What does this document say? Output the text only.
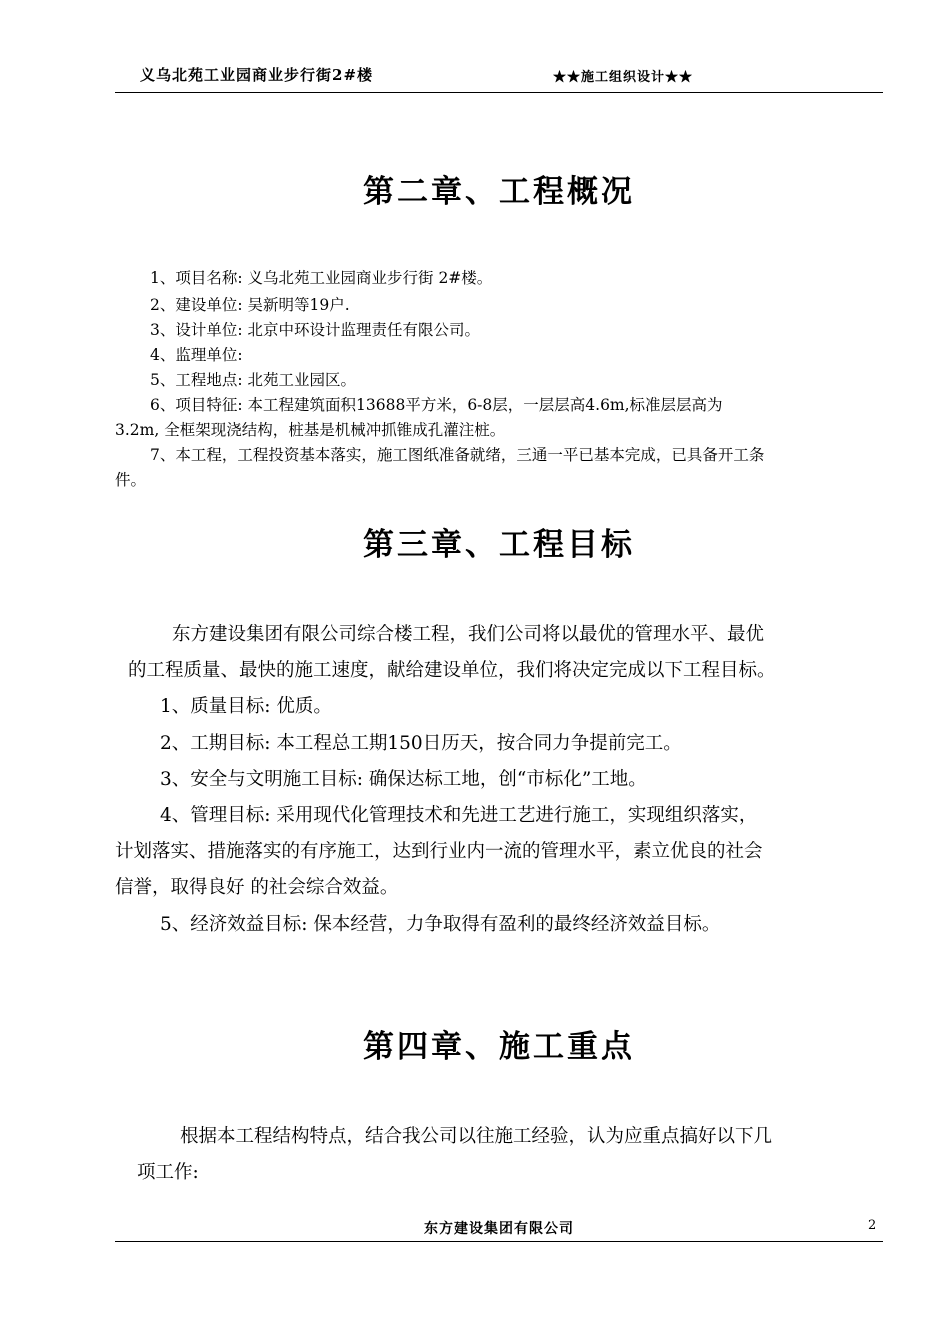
义乌北苑工业园商业步行街2#楼	★★施工组织设计★★
第二章、工程概况
1、项目名称: 义乌北苑工业园商业步行街 2#楼。
2、建设单位: 吴新明等19户.
3、设计单位: 北京中环设计监理责任有限公司。
4、监理单位:
5、工程地点: 北苑工业园区。
6、项目特征: 本工程建筑面积13688平方米，6-8层，一层层高4.6m,标准层层高为
3.2m, 全框架现浇结构，桩基是机械冲抓锥成孔灌注桩。
7、本工程，工程投资基本落实，施工图纸准备就绪，三通一平已基本完成，已具备开工条
件。
第三章、工程目标
东方建设集团有限公司综合楼工程，我们公司将以最优的管理水平、最优
的工程质量、最快的施工速度，献给建设单位，我们将决定完成以下工程目标。
1、质量目标: 优质。
2、工期目标: 本工程总工期150日历天，按合同力争提前完工。
3、安全与文明施工目标: 确保达标工地，创“市标化”工地。
4、管理目标: 采用现代化管理技术和先进工艺进行施工，实现组织落实，
计划落实、措施落实的有序施工，达到行业内一流的管理水平，素立优良的社会
信誉，取得良好 的社会综合效益。
5、经济效益目标: 保本经营，力争取得有盈利的最终经济效益目标。
第四章、施工重点
根据本工程结构特点，结合我公司以往施工经验，认为应重点搞好以下几
项工作:
东方建设集团有限公司	2
